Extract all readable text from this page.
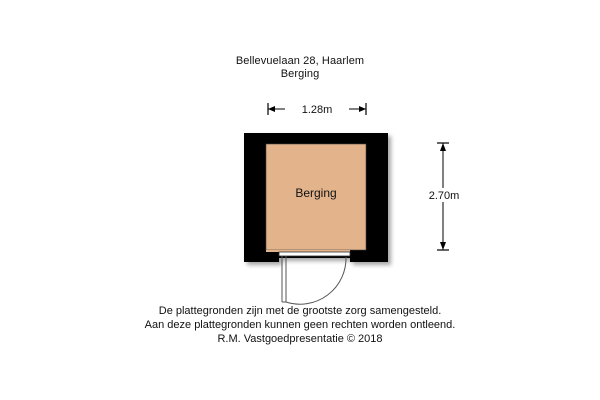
Bellevuelaan 28, Haarlem
Berging
1.28m
Berging	2.70m
De plattegronden zijn met de grootste zorg samengesteld.
Aan deze plattegronden kunnen geen rechten worden ontleend.
R.M. Vastgoedpresentatie © 2018
